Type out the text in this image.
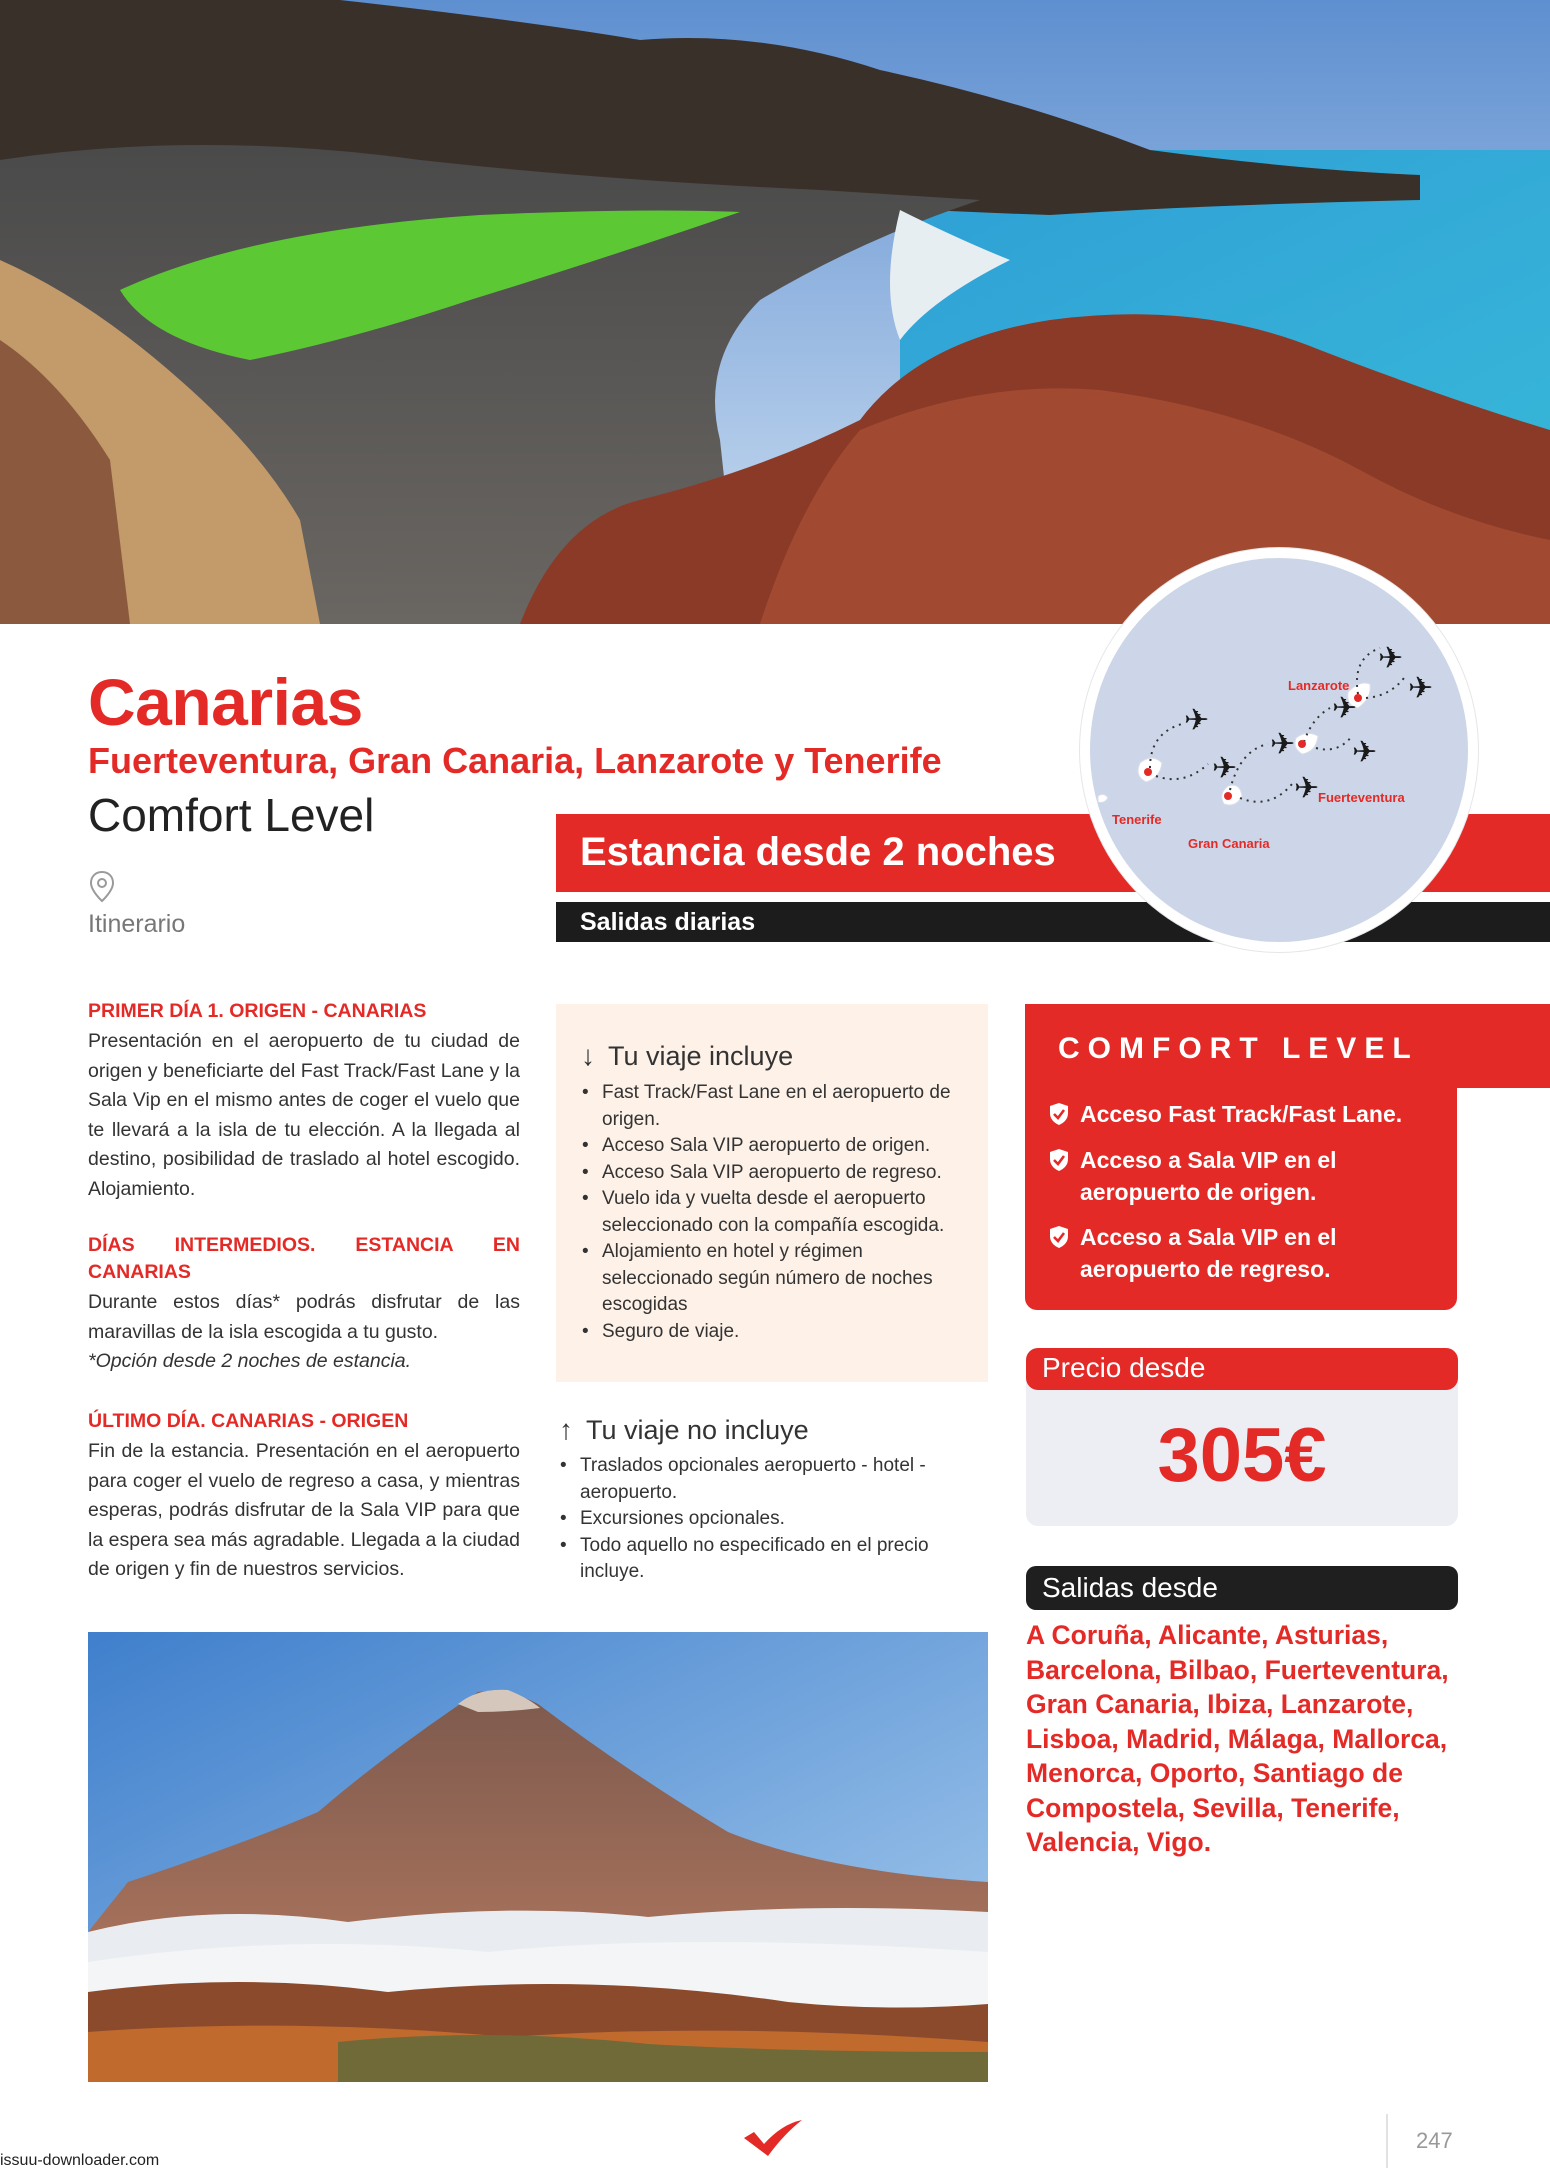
Canarias
Fuerteventura, Gran Canaria, Lanzarote y Tenerife
Comfort Level
Itinerario
Estancia desde 2 noches
Salidas diarias
✈
✈
✈
✈
✈
✈
✈
✈
Lanzarote
Fuerteventura
Tenerife
Gran Canaria
PRIMER DÍA 1. ORIGEN - CANARIAS

Presentación en el aeropuerto de tu ciudad de origen y beneficiarte del Fast Track/Fast Lane y la Sala Vip en el mismo antes de coger el vuelo que te llevará a la isla de tu elección. A la llegada al destino, posibilidad de traslado al hotel escogido. Alojamiento.

DÍAS INTERMEDIOS. ESTANCIA EN CANARIAS

Durante estos días* podrás disfrutar de las maravillas de la isla escogida a tu gusto.

*Opción desde 2 noches de estancia.

ÚLTIMO DÍA. CANARIAS - ORIGEN

Fin de la estancia. Presentación en el aeropuerto para coger el vuelo de regreso a casa, y mientras esperas, podrás disfrutar de la Sala VIP para que la espera sea más agradable. Llegada a la ciudad de origen y fin de nuestros servicios.

↓ Tu viaje incluye
• Fast Track/Fast Lane en el aeropuerto de origen.
• Acceso Sala VIP aeropuerto de origen.
• Acceso Sala VIP aeropuerto de regreso.
• Vuelo ida y vuelta desde el aeropuerto seleccionado con la compañía escogida.
• Alojamiento en hotel y régimen seleccionado según número de noches escogidas
• Seguro de viaje.
↑ Tu viaje no incluye
• Traslados opcionales aeropuerto - hotel - aeropuerto.
• Excursiones opcionales.
• Todo aquello no especificado en el precio incluye.
COMFORT LEVEL
Acceso Fast Track/Fast Lane.
Acceso a Sala VIP en el aeropuerto de origen.
Acceso a Sala VIP en el aeropuerto de regreso.
Precio desde
305€
Salidas desde
A Coruña, Alicante, Asturias, Barcelona, Bilbao, Fuerteventura, Gran Canaria, Ibiza, Lanzarote, Lisboa, Madrid, Málaga, Mallorca, Menorca, Oporto, Santiago de Compostela, Sevilla, Tenerife, Valencia, Vigo.
247
issuu-downloader.com
